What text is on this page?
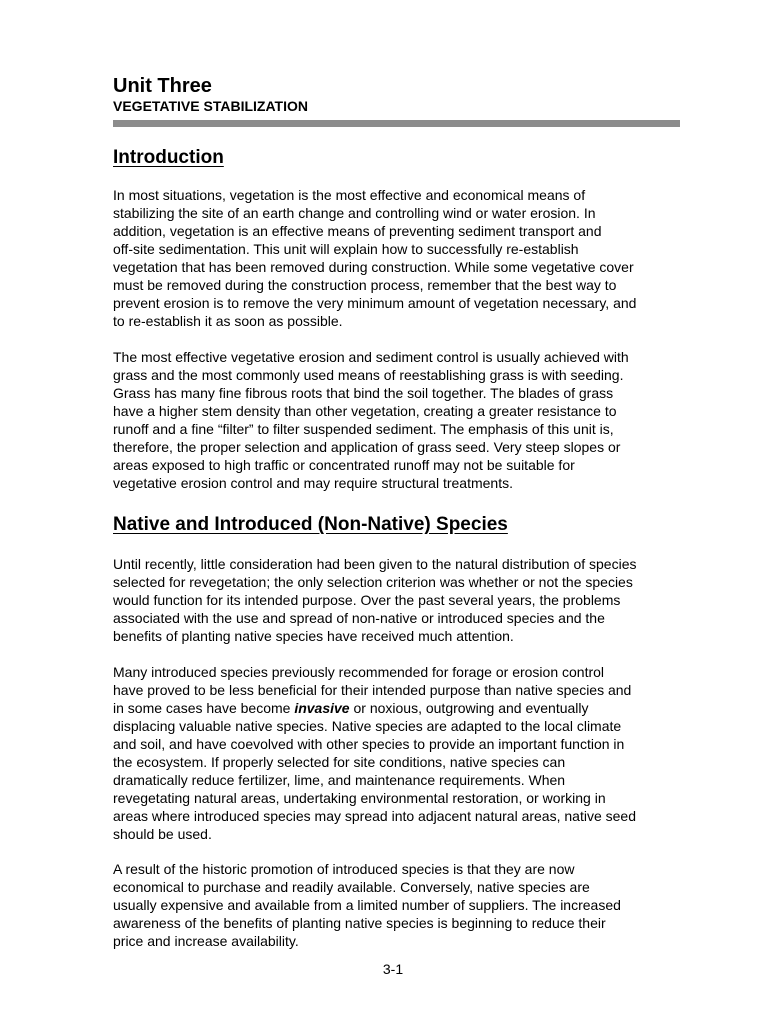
Unit Three
VEGETATIVE STABILIZATION
Introduction
In most situations, vegetation is the most effective and economical means of
stabilizing the site of an earth change and controlling wind or water erosion. In
addition, vegetation is an effective means of preventing sediment transport and
off-site sedimentation. This unit will explain how to successfully re-establish
vegetation that has been removed during construction. While some vegetative cover
must be removed during the construction process, remember that the best way to
prevent erosion is to remove the very minimum amount of vegetation necessary, and
to re-establish it as soon as possible.
The most effective vegetative erosion and sediment control is usually achieved with
grass and the most commonly used means of reestablishing grass is with seeding.
Grass has many fine fibrous roots that bind the soil together. The blades of grass
have a higher stem density than other vegetation, creating a greater resistance to
runoff and a fine “filter” to filter suspended sediment. The emphasis of this unit is,
therefore, the proper selection and application of grass seed. Very steep slopes or
areas exposed to high traffic or concentrated runoff may not be suitable for
vegetative erosion control and may require structural treatments.
Native and Introduced (Non-Native) Species
Until recently, little consideration had been given to the natural distribution of species
selected for revegetation; the only selection criterion was whether or not the species
would function for its intended purpose. Over the past several years, the problems
associated with the use and spread of non-native or introduced species and the
benefits of planting native species have received much attention.
Many introduced species previously recommended for forage or erosion control
have proved to be less beneficial for their intended purpose than native species and
in some cases have become invasive or noxious, outgrowing and eventually
displacing valuable native species. Native species are adapted to the local climate
and soil, and have coevolved with other species to provide an important function in
the ecosystem. If properly selected for site conditions, native species can
dramatically reduce fertilizer, lime, and maintenance requirements. When
revegetating natural areas, undertaking environmental restoration, or working in
areas where introduced species may spread into adjacent natural areas, native seed
should be used.
A result of the historic promotion of introduced species is that they are now
economical to purchase and readily available. Conversely, native species are
usually expensive and available from a limited number of suppliers. The increased
awareness of the benefits of planting native species is beginning to reduce their
price and increase availability.
3-1
